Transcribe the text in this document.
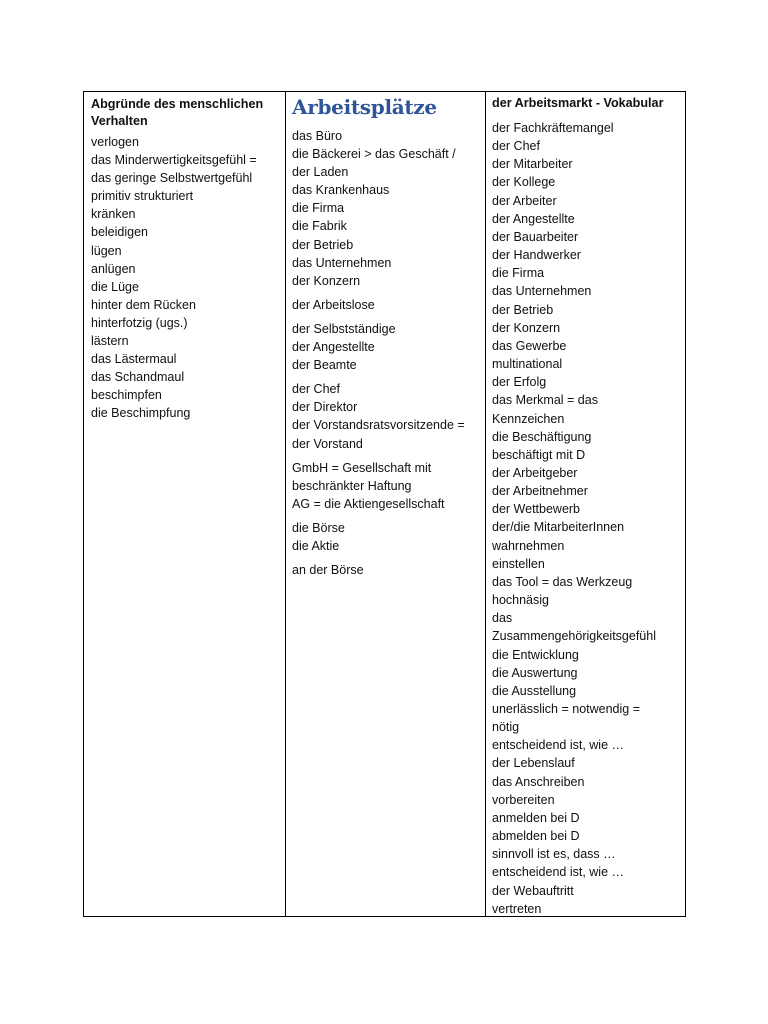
Abgründe des menschlichen Verhalten
verlogen
das Minderwertigkeitsgefühl =
das geringe Selbstwertgefühl
primitiv strukturiert
kränken
beleidigen
lügen
anlügen
die Lüge
hinter dem Rücken
hinterfotzig (ugs.)
lästern
das Lästermaul
das Schandmaul
beschimpfen
die Beschimpfung
Arbeitsplätze
das Büro
die Bäckerei > das Geschäft /
der Laden
das Krankenhaus
die Firma
die Fabrik
der Betrieb
das Unternehmen
der Konzern
der Arbeitslose
der Selbstständige
der Angestellte
der Beamte
der Chef
der Direktor
der Vorstandsratsvorsitzende =
der Vorstand
GmbH = Gesellschaft mit
beschränkter Haftung
AG = die Aktiengesellschaft
die Börse
die Aktie
an der Börse
der Arbeitsmarkt - Vokabular
der Fachkräftemangel
der Chef
der Mitarbeiter
der Kollege
der Arbeiter
der Angestellte
der Bauarbeiter
der Handwerker
die Firma
das Unternehmen
der Betrieb
der Konzern
das Gewerbe
multinational
der Erfolg
das Merkmal = das
Kennzeichen
die Beschäftigung
beschäftigt mit D
der Arbeitgeber
der Arbeitnehmer
der Wettbewerb
der/die MitarbeiterInnen
wahrnehmen
einstellen
das Tool = das Werkzeug
hochnäsig
das
Zusammengehörigkeitsgefühl
die Entwicklung
die Auswertung
die Ausstellung
unerlässlich = notwendig =
nötig
entscheidend ist, wie …
der Lebenslauf
das Anschreiben
vorbereiten
anmelden bei D
abmelden bei D
sinnvoll ist es, dass …
entscheidend ist, wie …
der Webauftritt
vertreten
